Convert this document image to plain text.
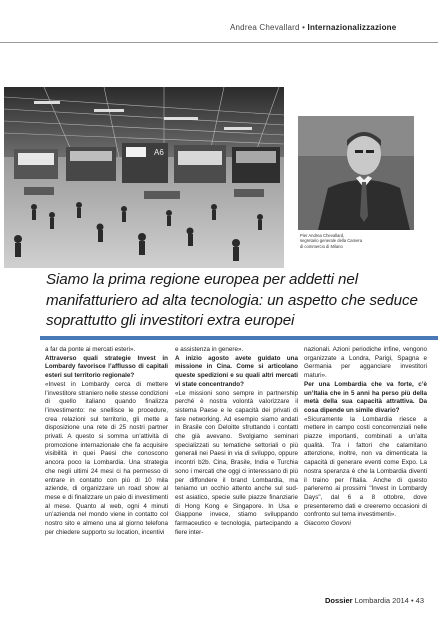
Andrea Chevallard • Internazionalizzazione
A6
Pier Andrea Chevallard,
segretario generale della Camera
di commercio di Milano
Siamo la prima regione europea per addetti nel manifatturiero ad alta tecnologia: un aspetto che seduce soprattutto gli investitori extra europei

a far da ponte ai mercati esteri».

Attraverso quali strategie Invest in Lombardy favorisce l’afflusso di capitali esteri sul territorio regionale?

«Invest in Lombardy cerca di mettere l’investitore straniero nelle stesse condizioni di quello italiano quando finalizza l’investimento: ne snellisce le procedure, crea relazioni sul territorio, gli mette a disposizione una rete di 25 nostri partner privati. A questo si somma un’attività di promozione internazionale che fa acquisire visibilità in quei Paesi che conoscono ancora poco la Lombardia. Una strategia che negli ultimi 24 mesi ci ha permesso di entrare in contatto con più di 10 mila aziende, di organizzare un road show al mese e di finalizzare un paio di investimenti al mese. Quanto al web, ogni 4 minuti un’azienda nel mondo viene in contatto col nostro sito e almeno una al giorno telefona per chiedere supporto su location, incentivi

e assistenza in genere».

A inizio agosto avete guidato una missione in Cina. Come si articolano queste spedizioni e su quali altri mercati vi state concentrando?

«Le missioni sono sempre in partnership perché è nostra volontà valorizzare il sistema Paese e le capacità dei privati di fare networking. Ad esempio siamo andati in Brasile con Deloitte sfruttando i contatti che già avevano. Svolgiamo seminari specializzati su tematiche settoriali o più generali nei Paesi in via di sviluppo, oppure incontri b2b. Cina, Brasile, India e Turchia sono i mercati che oggi ci interessano di più per diffondere il brand Lombardia, ma teniamo un occhio attento anche sul sud-est asiatico, specie sulle piazze finanziarie di Hong Kong e Singapore. In Usa e Giappone invece, stiamo sviluppando farmaceutico e tecnologia, partecipando a fiere inter-

nazionali. Azioni periodiche infine, vengono organizzate a Londra, Parigi, Spagna e Germania per agganciare investitori maturi».

Per una Lombardia che va forte, c’è un’Italia che in 5 anni ha perso più della metà della sua capacità attrattiva. Da cosa dipende un simile divario?

«Sicuramente la Lombardia riesce a mettere in campo costi concorrenziali nelle piazze importanti, combinati a un’alta qualità. Tra i fattori che calamitano attenzione, inoltre, non va dimenticata la capacità di generare eventi come Expo. La nostra speranza è che la Lombardia diventi il traino per l’Italia. Anche di questo parleremo ai prossimi "Invest in Lombardy Days", dal 6 a 8 ottobre, dove presenteremo dati e creeremo occasioni di confronto sul tema investimenti».

Giacomo Govoni

Dossier Lombardia 2014 • 43
